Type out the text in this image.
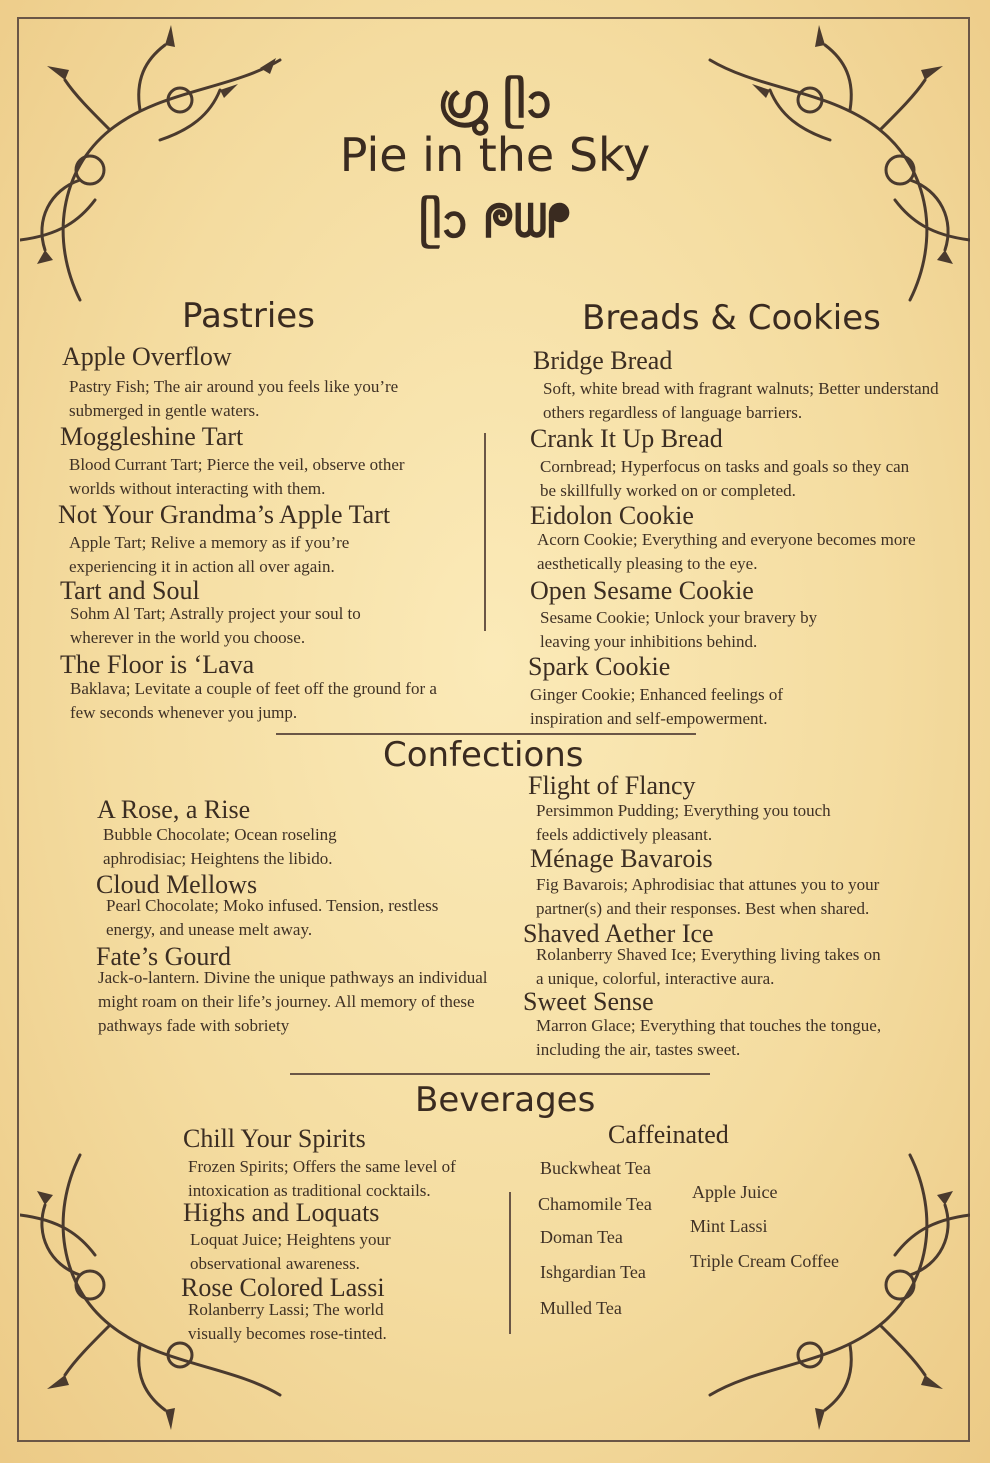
ഗ്രു ᥫᩣ
Pie in the Sky
ᥫᩣ ᖘᗯᖰ
Pastries
Apple Overflow
Pastry Fish; The air around you feels like you’re submerged in gentle waters.
Moggleshine Tart
Blood Currant Tart; Pierce the veil, observe other worlds without interacting with them.
Not Your Grandma’s Apple Tart
Apple Tart; Relive a memory as if you’re experiencing it in action all over again.
Tart and Soul
Sohm Al Tart; Astrally project your soul to wherever in the world you choose.
The Floor is ‘Lava
Baklava; Levitate a couple of feet off the ground for a few seconds whenever you jump.
Breads & Cookies
Bridge Bread
Soft, white bread with fragrant walnuts; Better understand others regardless of language barriers.
Crank It Up Bread
Cornbread; Hyperfocus on tasks and goals so they can be skillfully worked on or completed.
Eidolon Cookie
Acorn Cookie; Everything and everyone becomes more aesthetically pleasing to the eye.
Open Sesame Cookie
Sesame Cookie; Unlock your bravery by leaving your inhibitions behind.
Spark Cookie
Ginger Cookie; Enhanced feelings of inspiration and self-empowerment.
Confections
A Rose, a Rise
Bubble Chocolate; Ocean roseling aphrodisiac; Heightens the libido.
Cloud Mellows
Pearl Chocolate; Moko infused. Tension, restless energy, and unease melt away.
Fate’s Gourd
Jack-o-lantern. Divine the unique pathways an individual might roam on their life’s journey. All memory of these pathways fade with sobriety
Flight of Flancy
Persimmon Pudding; Everything you touch feels addictively pleasant.
Ménage Bavarois
Fig Bavarois; Aphrodisiac that attunes you to your partner(s) and their responses. Best when shared.
Shaved Aether Ice
Rolanberry Shaved Ice; Everything living takes on a unique, colorful, interactive aura.
Sweet Sense
Marron Glace; Everything that touches the tongue, including the air, tastes sweet.
Beverages
Chill Your Spirits
Frozen Spirits; Offers the same level of intoxication as traditional cocktails.
Highs and Loquats
Loquat Juice; Heightens your observational awareness.
Rose Colored Lassi
Rolanberry Lassi; The world visually becomes rose-tinted.
Caffeinated
Buckwheat Tea
Chamomile Tea
Doman Tea
Ishgardian Tea
Mulled Tea
Apple Juice
Mint Lassi
Triple Cream Coffee
